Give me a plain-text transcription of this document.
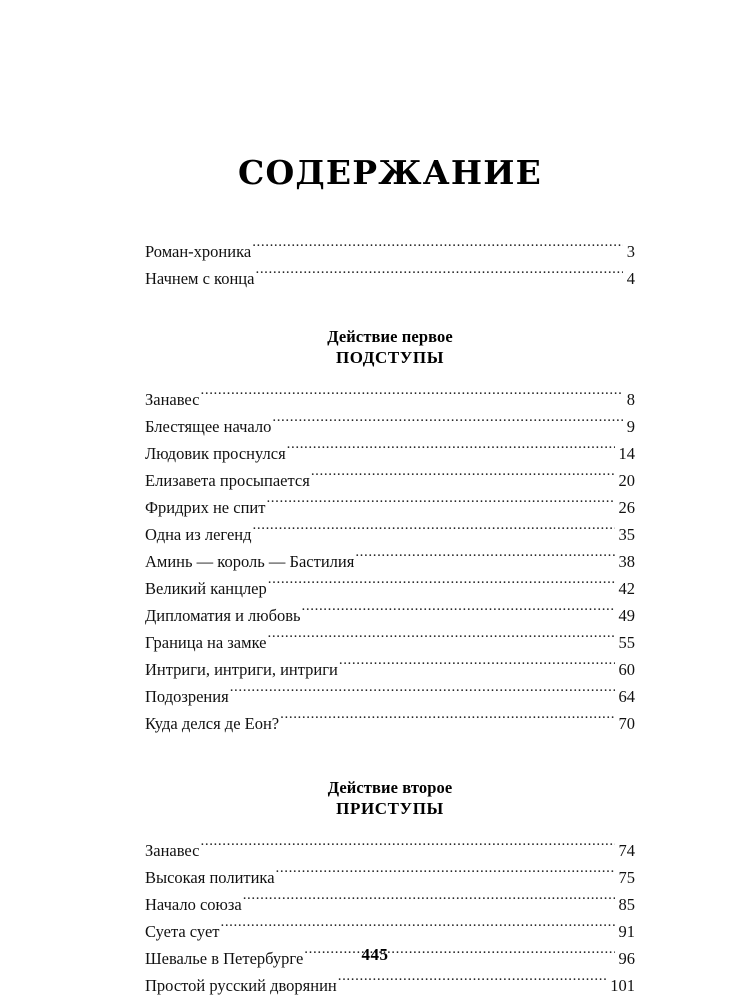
СОДЕРЖАНИЕ
Роман-хроника .....	3
Начнем с конца .....	4
Действие первое
ПОДСТУПЫ
Занавес .....	8
Блестящее начало .....	9
Людовик проснулся .....	14
Елизавета просыпается .....	20
Фридрих не спит .....	26
Одна из легенд .....	35
Аминь — король — Бастилия .....	38
Великий канцлер .....	42
Дипломатия и любовь .....	49
Граница на замке .....	55
Интриги, интриги, интриги .....	60
Подозрения .....	64
Куда делся де Еон? .....	70
Действие второе
ПРИСТУПЫ
Занавес .....	74
Высокая политика .....	75
Начало союза .....	85
Суета сует .....	91
Шевалье в Петербурге .....	96
Простой русский дворянин .....	101
445
